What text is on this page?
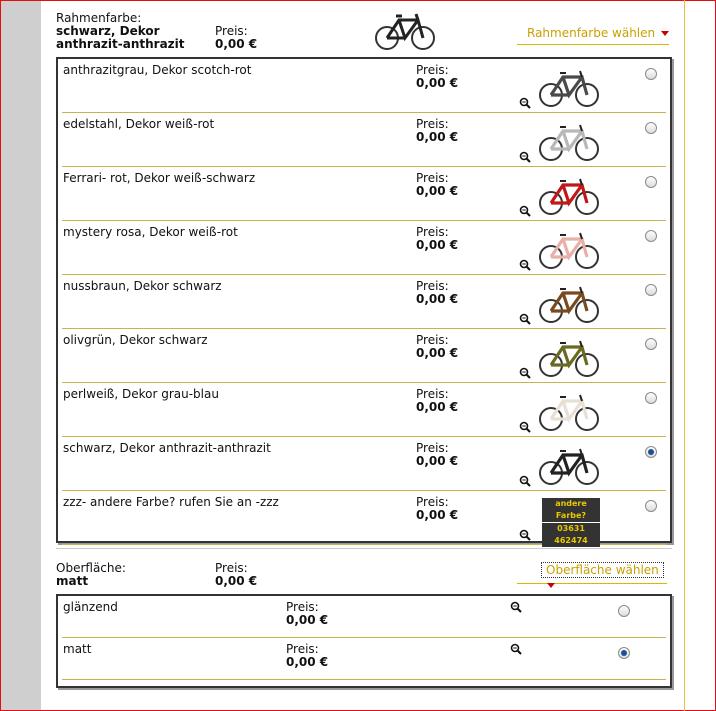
Rahmenfarbe:
schwarz, Dekor anthrazit-anthrazit
Preis:
0,00 €
Rahmenfarbe wählen
anthrazitgrau, Dekor scotch-rot	Preis:
0,00 €
edelstahl, Dekor weiß-rot	Preis:
0,00 €
Ferrari- rot, Dekor weiß-schwarz	Preis:
0,00 €
mystery rosa, Dekor weiß-rot	Preis:
0,00 €
nussbraun, Dekor schwarz	Preis:
0,00 €
olivgrün, Dekor schwarz	Preis:
0,00 €
perlweiß, Dekor grau-blau	Preis:
0,00 €
schwarz, Dekor anthrazit-anthrazit	Preis:
0,00 €
zzz- andere Farbe? rufen Sie an -zzz	Preis:
0,00 €
andere Farbe?
03631 462474
Oberfläche:
matt
Preis:
0,00 €
Oberfläche wählen
glänzend	Preis:
0,00 €
matt	Preis:
0,00 €
